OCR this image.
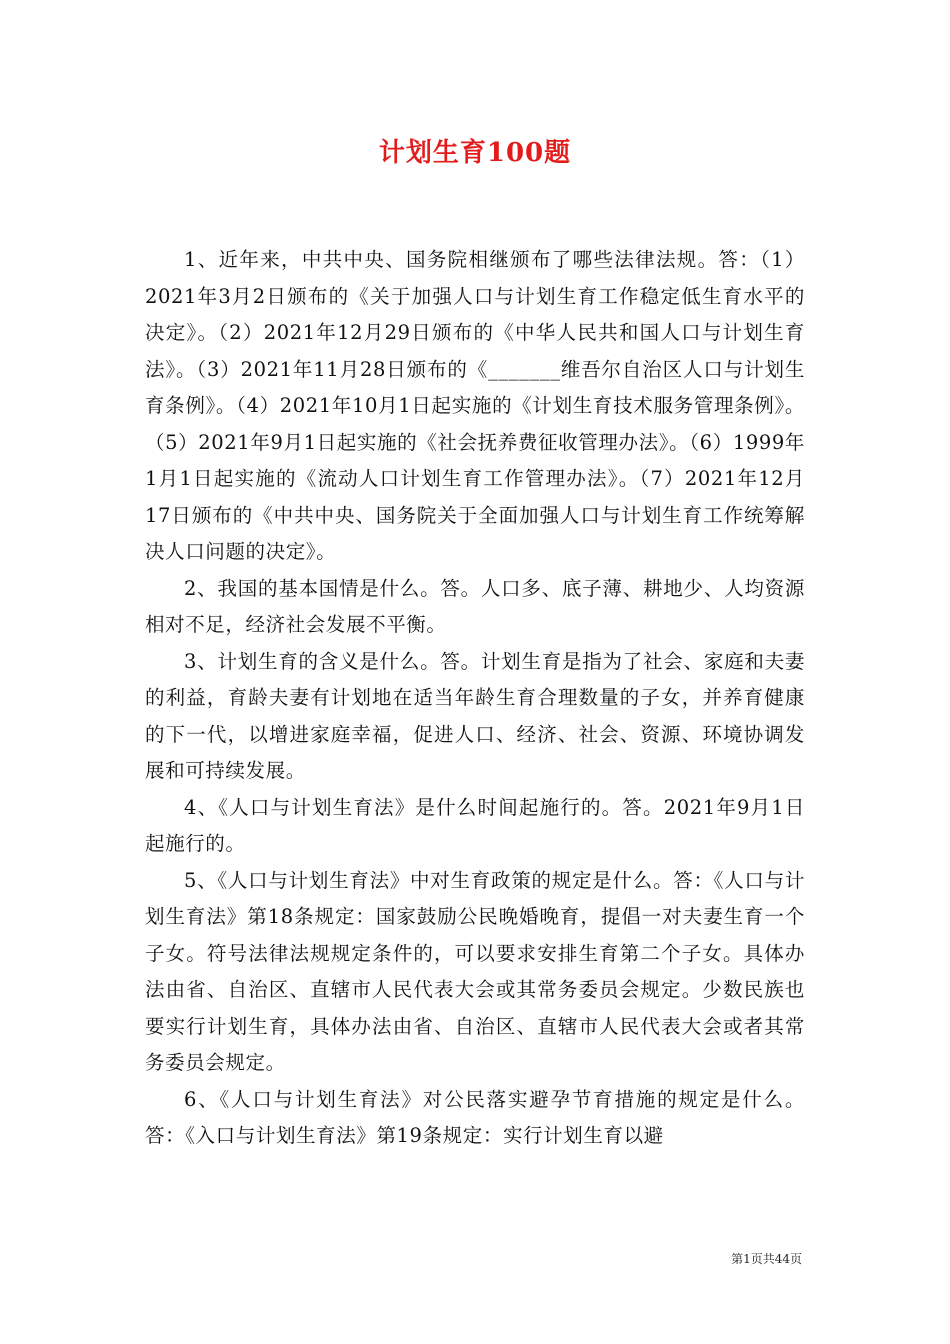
计划生育100题

1、近年来，中共中央、国务院相继颁布了哪些法律法规。答：（1）2021年3月2日颁布的《关于加强人口与计划生育工作稳定低生育水平的决定》。（2）2021年12月29日颁布的《中华人民共和国人口与计划生育法》。（3）2021年11月28日颁布的《_______维吾尔自治区人口与计划生育条例》。（4）2021年10月1日起实施的《计划生育技术服务管理条例》。（5）2021年9月1日起实施的《社会抚养费征收管理办法》。（6）1999年1月1日起实施的《流动人口计划生育工作管理办法》。（7）2021年12月17日颁布的《中共中央、国务院关于全面加强人口与计划生育工作统筹解决人口问题的决定》。

2、我国的基本国情是什么。答。人口多、底子薄、耕地少、人均资源相对不足，经济社会发展不平衡。

3、计划生育的含义是什么。答。计划生育是指为了社会、家庭和夫妻的利益，育龄夫妻有计划地在适当年龄生育合理数量的子女，并养育健康的下一代，以增进家庭幸福，促进人口、经济、社会、资源、环境协调发展和可持续发展。

4、《人口与计划生育法》是什么时间起施行的。答。2021年9月1日起施行的。

5、《人口与计划生育法》中对生育政策的规定是什么。答：《人口与计划生育法》第18条规定：国家鼓励公民晚婚晚育，提倡一对夫妻生育一个子女。符号法律法规规定条件的，可以要求安排生育第二个子女。具体办法由省、自治区、直辖市人民代表大会或其常务委员会规定。少数民族也要实行计划生育，具体办法由省、自治区、直辖市人民代表大会或者其常务委员会规定。

6、《人口与计划生育法》对公民落实避孕节育措施的规定是什么。答：《入口与计划生育法》第19条规定：实行计划生育以避

第1页共44页
